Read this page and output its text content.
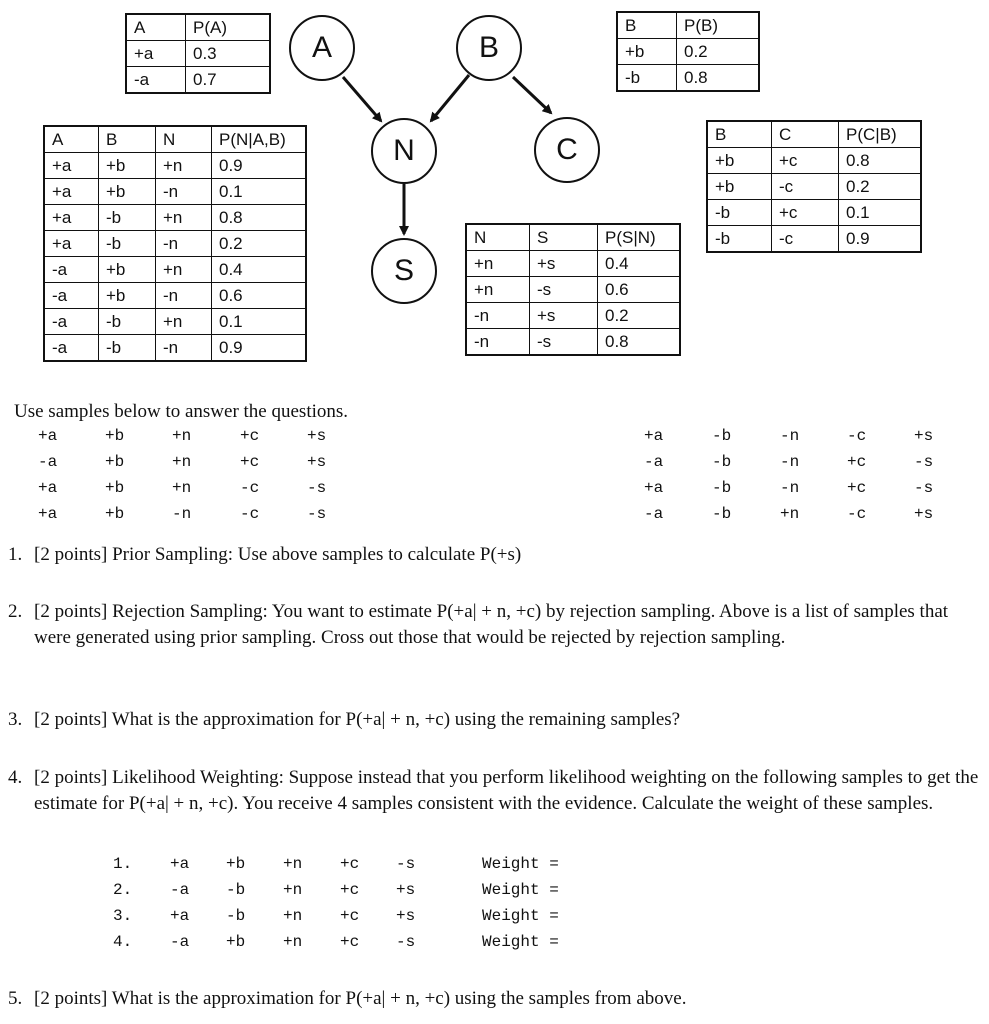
A	P(A)
+a	0.3
-a	0.7
B	P(B)
+b	0.2
-b	0.8
A	B	N	P(N|A,B)
+a	+b	+n	0.9
+a	+b	-n	0.1
+a	-b	+n	0.8
+a	-b	-n	0.2
-a	+b	+n	0.4
-a	+b	-n	0.6
-a	-b	+n	0.1
-a	-b	-n	0.9
B	C	P(C|B)
+b	+c	0.8
+b	-c	0.2
-b	+c	0.1
-b	-c	0.9
N	S	P(S|N)
+n	+s	0.4
+n	-s	0.6
-n	+s	0.2
-n	-s	0.8
A	B
N	C
S
Use samples below to answer the questions.
+a	+b	+n	+c	+s
-a	+b	+n	+c	+s
+a	+b	+n	-c	-s
+a	+b	-n	-c	-s
+a	-b	-n	-c	+s
-a	-b	-n	+c	-s
+a	-b	-n	+c	-s
-a	-b	+n	-c	+s
1. [2 points] Prior Sampling: Use above samples to calculate P(+s)
2. [2 points] Rejection Sampling: You want to estimate P(+a| + n, +c) by rejection sampling. Above is a list of samples that were generated using prior sampling. Cross out those that would be rejected by rejection sampling.
3. [2 points] What is the approximation for P(+a| + n, +c) using the remaining samples?
4. [2 points] Likelihood Weighting: Suppose instead that you perform likelihood weighting on the following samples to get the estimate for P(+a| + n, +c). You receive 4 samples consistent with the evidence. Calculate the weight of these samples.
1. +a +b +n +c -s	Weight =
2. -a -b +n +c +s	Weight =
3. +a -b +n +c +s	Weight =
4. -a +b +n +c -s	Weight =
5. [2 points] What is the approximation for P(+a| + n, +c) using the samples from above.
